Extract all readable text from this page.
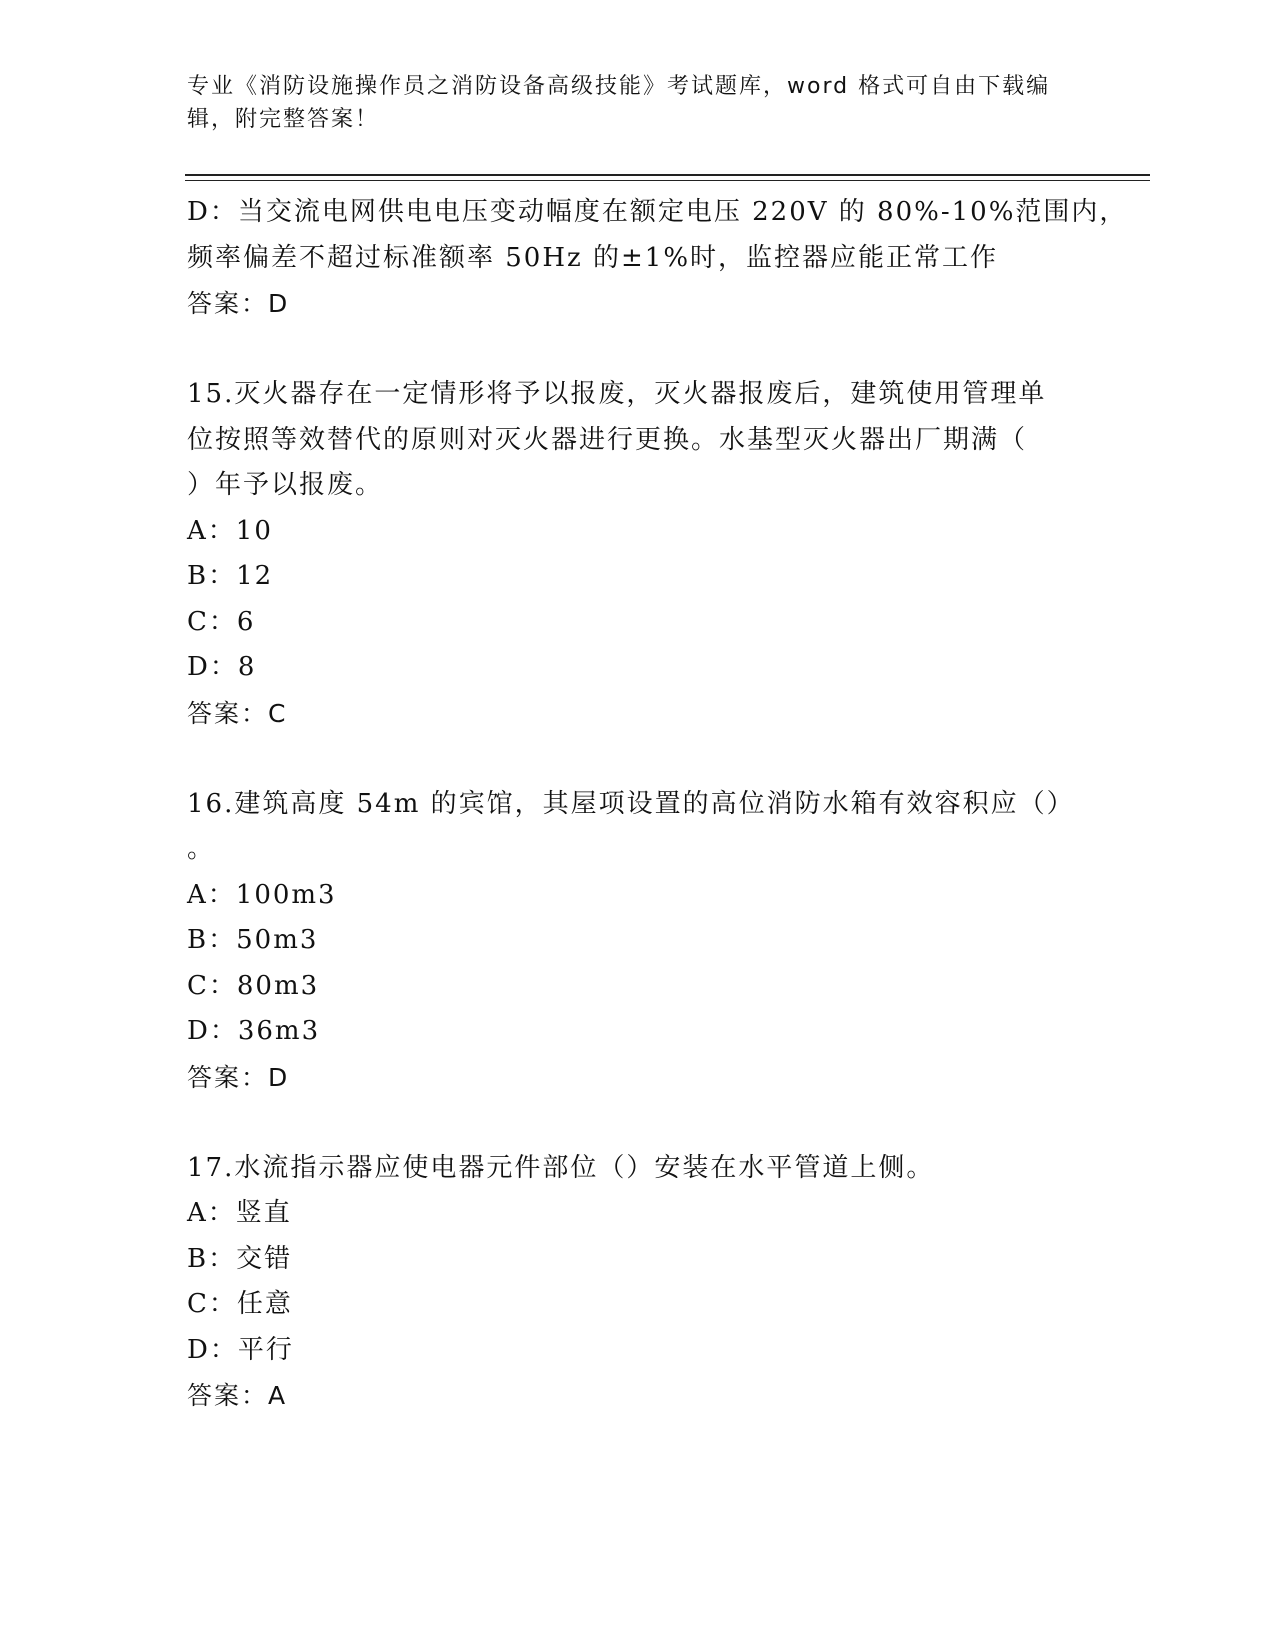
专业《消防设施操作员之消防设备高级技能》考试题库，word 格式可自由下载编
辑，附完整答案！
D：当交流电网供电电压变动幅度在额定电压 220V 的 80%-10%范围内，
频率偏差不超过标准额率 50Hz 的±1%时，监控器应能正常工作
答案：D
15.灭火器存在一定情形将予以报废，灭火器报废后，建筑使用管理单
位按照等效替代的原则对灭火器进行更换。水基型灭火器出厂期满（
）年予以报废。
A：10
B：12
C：6
D：8
答案：C
16.建筑高度 54m 的宾馆，其屋项设置的高位消防水箱有效容积应（）
。
A：100m3
B：50m3
C：80m3
D：36m3
答案：D
17.水流指示器应使电器元件部位（）安装在水平管道上侧。
A：竖直
B：交错
C：任意
D：平行
答案：A
